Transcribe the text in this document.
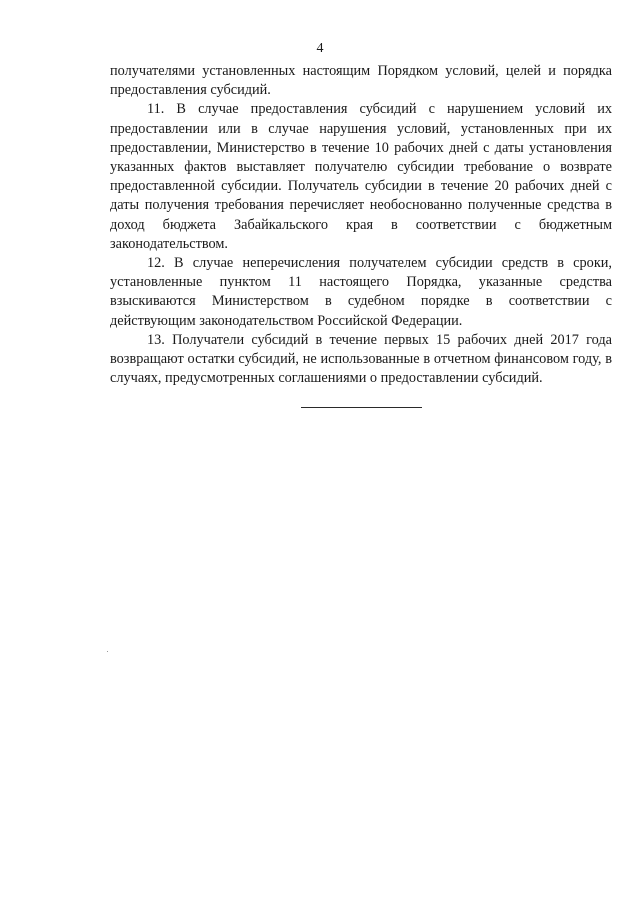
4

получателями установленных настоящим Порядком условий, целей и порядка предоставления субсидий.

11. В случае предоставления субсидий с нарушением условий их предоставлении или в случае нарушения условий, установленных при их предоставлении, Министерство в течение 10 рабочих дней с даты установления указанных фактов выставляет получателю субсидии требование о возврате предоставленной субсидии. Получатель субсидии в течение 20 рабочих дней с даты получения требования перечисляет необоснованно полученные средства в доход бюджета Забайкальского края в соответствии с бюджетным законодательством.

12. В случае неперечисления получателем субсидии средств в сроки, установленные пунктом 11 настоящего Порядка, указанные средства взыскиваются Министерством в судебном порядке в соответствии с действующим законодательством Российской Федерации.

13. Получатели субсидий в течение первых 15 рабочих дней 2017 года возвращают остатки субсидий, не использованные в отчетном финансовом году, в случаях, предусмотренных соглашениями о предоставлении субсидий.
